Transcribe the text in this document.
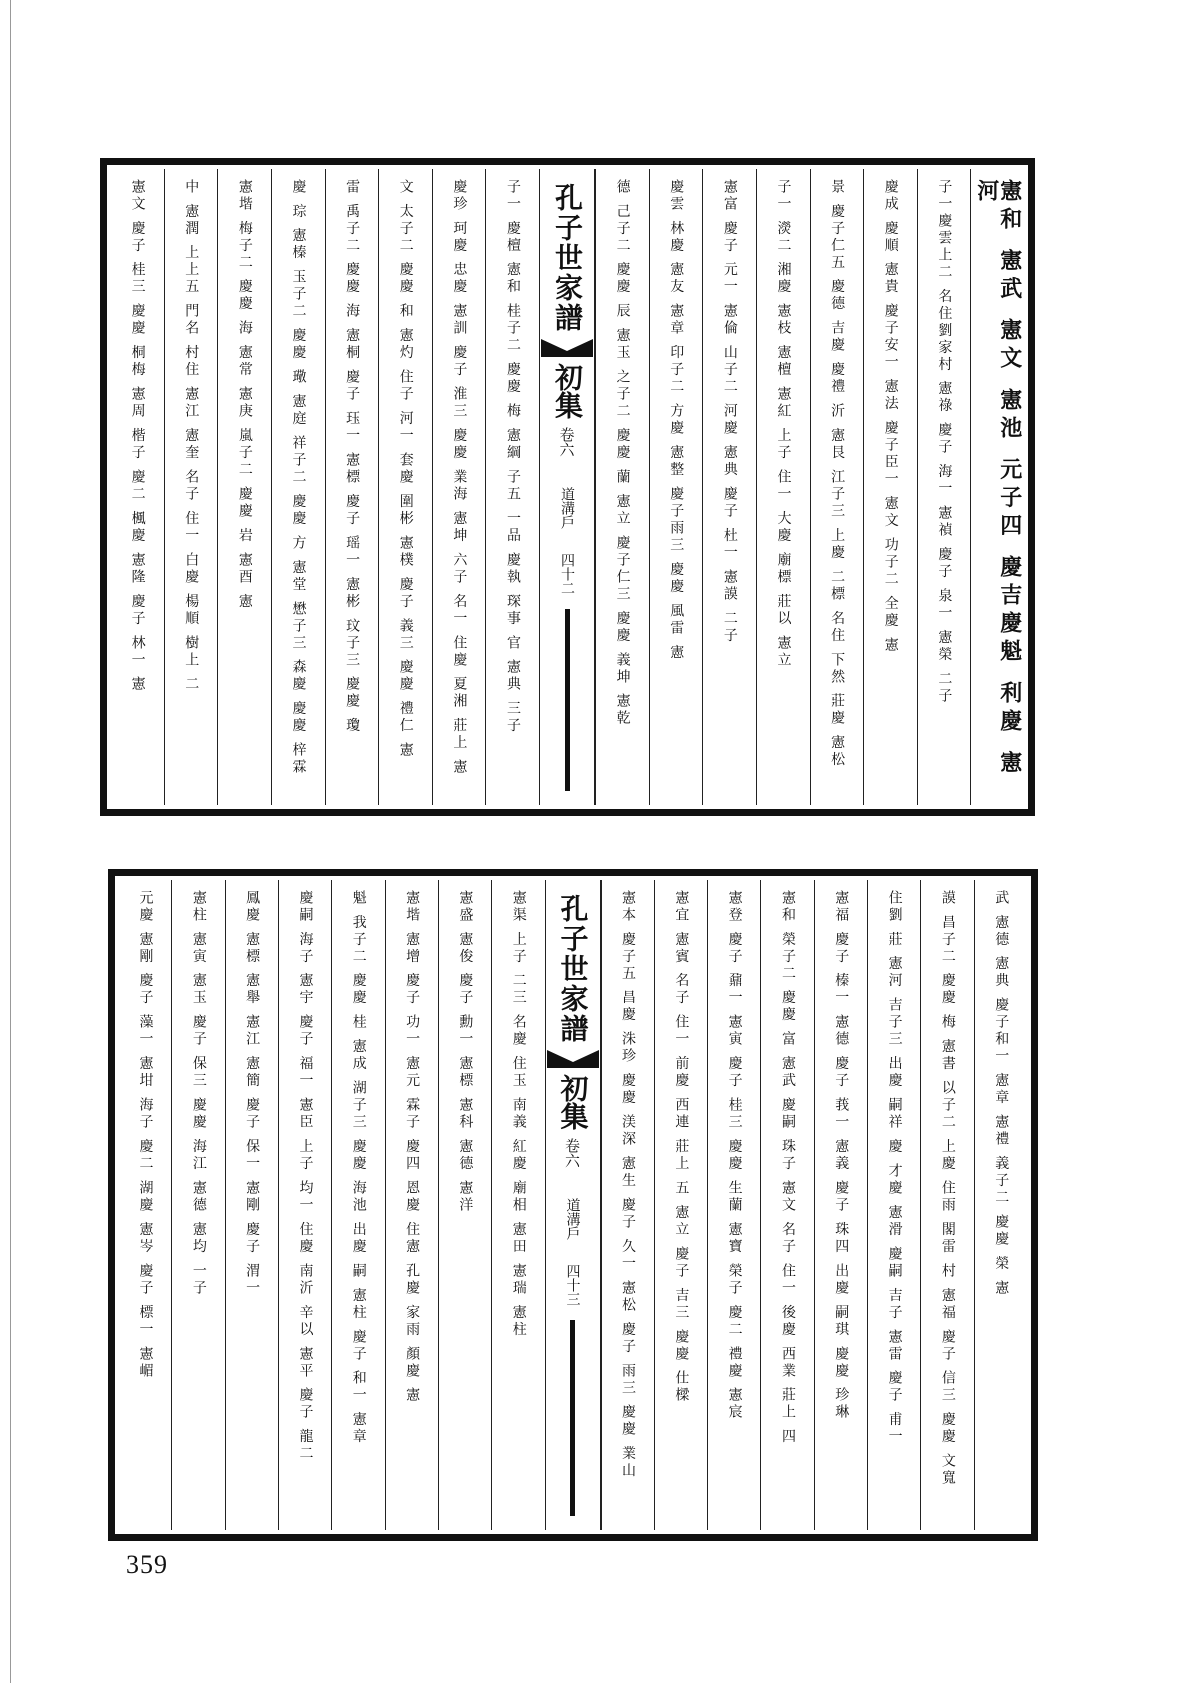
憲和 憲武 憲文 憲池 元子四 慶吉慶魁 利慶 憲河
子一慶雲上二 名住劉家村 憲祿 慶子 海一 憲禎 慶子 泉一 憲榮 二子
慶成 慶順 憲貴 慶子安一 憲法 慶子臣一 憲文 功子二 全慶 憲
景 慶子仁五 慶德 吉慶 慶禮 沂 憲艮 江子三 上慶 二標 名住 下然 莊慶 憲松
子一 濙二 湘慶 憲枝 憲檀 憲紅 上子 住一 大慶 廟標 莊以 憲立
憲富 慶子 元一 憲倫 山子二 河慶 憲典 慶子 杜一 憲謨 二子
慶雲 林慶 憲友 憲章 印子二 方慶 憲整 慶子雨三 慶慶 風雷 憲
德 己子二 慶慶 辰 憲玉 之子二 慶慶 蘭 憲立 慶子仁三 慶慶 義坤 憲乾
孔子世家譜
初集
卷六
道溝戶
四十二
子一 慶檀 憲和 桂子二 慶慶 梅 憲綱 子五 一品 慶執 琛事 官 憲典 三子
慶珍 珂慶 忠慶 憲訓 慶子 淮三 慶慶 業海 憲坤 六子 名一 住慶 夏湘 莊上 憲
文 太子二 慶慶 和 憲灼 住子 河一 套慶 圍彬 憲樸 慶子 義三 慶慶 禮仁 憲
雷 禹子二 慶慶 海 憲桐 慶子 珏一 憲標 慶子 瑶一 憲彬 玟子三 慶慶 瓊
慶 琮 憲榛 玉子二 慶慶 璥 憲庭 祥子二 慶慶 方 憲堂 懋子三 森慶 慶慶 梓霖
憲堦 梅子二 慶慶 海 憲常 憲庚 嵐子二 慶慶 岩 憲酉 憲
中 憲潤 上上五 門名 村住 憲江 憲奎 名子 住一 白慶 楊順 樹上 二
憲文 慶子 桂三 慶慶 桐梅 憲周 楷子 慶二 楓慶 憲隆 慶子 林一 憲
武 憲德 憲典 慶子和一 憲章 憲禮 義子二 慶慶 榮 憲
謨 昌子二 慶慶 梅 憲書 以子二 上慶 住雨 閣雷 村 憲福 慶子 信三 慶慶 文寬
住劉 莊 憲河 吉子三 出慶 嗣祥 慶 才慶 憲滑 慶嗣 吉子 憲雷 慶子 甫一
憲福 慶子 榛一 憲德 慶子 莪一 憲義 慶子 珠四 出慶 嗣琪 慶慶 珍琳
憲和 榮子二 慶慶 富 憲武 慶嗣 珠子 憲文 名子 住一 後慶 西業 莊上 四
憲登 慶子 鼐一 憲寅 慶子 桂三 慶慶 生蘭 憲寶 榮子 慶二 禮慶 憲宸
憲宜 憲賓 名子 住一 前慶 西連 莊上 五 憲立 慶子 吉三 慶慶 仕樑
憲本 慶子五 昌慶 洙珍 慶慶 渼深 憲生 慶子 久一 憲松 慶子 雨三 慶慶 業山
孔子世家譜
初集
卷六
道溝戶
四十三
憲渠 上子 二三 名慶 住玉 南義 紅慶 廟相 憲田 憲瑞 憲柱
憲盛 憲俊 慶子 勳一 憲標 憲科 憲德 憲洋
憲堦 憲增 慶子 功一 憲元 霖子 慶四 恩慶 住憲 孔慶 家雨 顏慶 憲
魁 我子二 慶慶 桂 憲成 湖子三 慶慶 海池 出慶 嗣 憲柱 慶子 和一 憲章
慶嗣 海子 憲宇 慶子 福一 憲臣 上子 均一 住慶 南沂 辛以 憲平 慶子 龍二
鳳慶 憲標 憲舉 憲江 憲簡 慶子 保一 憲剛 慶子 渭一
憲柱 憲寅 憲玉 慶子 保三 慶慶 海江 憲德 憲均 一子
元慶 憲剛 慶子 藻一 憲坩 海子 慶二 湖慶 憲岑 慶子 標一 憲嵋
359
